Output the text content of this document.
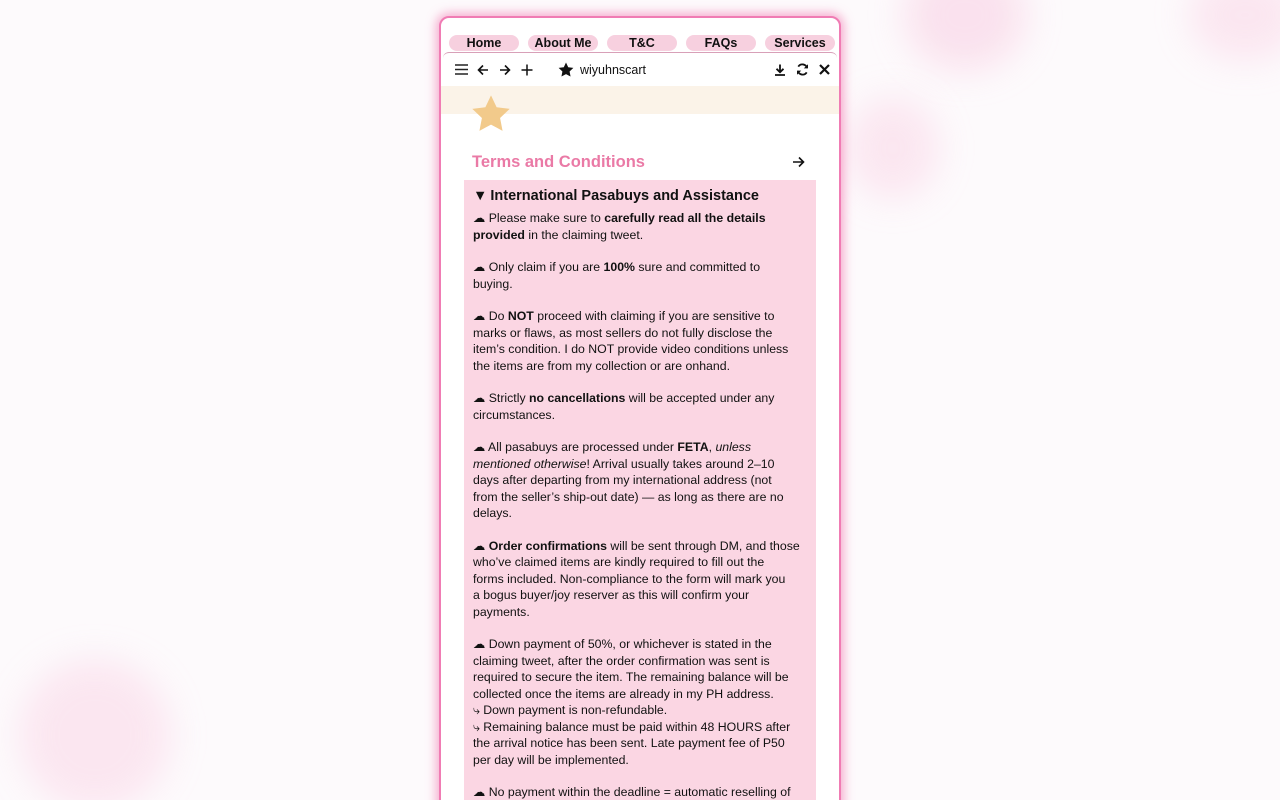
Home	About Me	T&C	FAQs	Services
wiyuhnscart
Terms and Conditions
▼ International Pasabuys and Assistance
☁ Please make sure to carefully read all the details
provided in the claiming tweet.
☁ Only claim if you are 100% sure and committed to
buying.
☁ Do NOT proceed with claiming if you are sensitive to
marks or flaws, as most sellers do not fully disclose the
item’s condition. I do NOT provide video conditions unless
the items are from my collection or are onhand.
☁ Strictly no cancellations will be accepted under any
circumstances.
☁ All pasabuys are processed under FETA, unless
mentioned otherwise! Arrival usually takes around 2–10
days after departing from my international address (not
from the seller’s ship-out date) — as long as there are no
delays.
☁ Order confirmations will be sent through DM, and those
who’ve claimed items are kindly required to fill out the
forms included. Non-compliance to the form will mark you
a bogus buyer/joy reserver as this will confirm your
payments.
☁ Down payment of 50%, or whichever is stated in the
claiming tweet, after the order confirmation was sent is
required to secure the item. The remaining balance will be
collected once the items are already in my PH address.
⤷ Down payment is non-refundable.
⤷ Remaining balance must be paid within 48 HOURS after
the arrival notice has been sent. Late payment fee of P50
per day will be implemented.
☁ No payment within the deadline = automatic reselling of
